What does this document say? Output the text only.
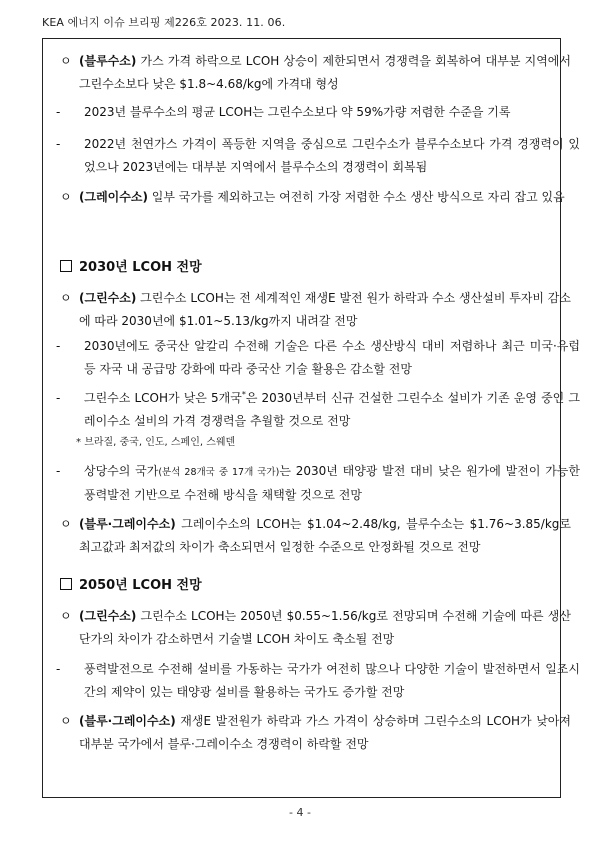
KEA 에너지 이슈 브리핑 제226호 2023. 11. 06.
ㅇ (블루수소) 가스 가격 하락으로 LCOH 상승이 제한되면서 경쟁력을 회복하여 대부분 지역에서 그린수소보다 낮은 $1.8~4.68/kg에 가격대 형성
- 2023년 블루수소의 평균 LCOH는 그린수소보다 약 59%가량 저렴한 수준을 기록
- 2022년 천연가스 가격이 폭등한 지역을 중심으로 그린수소가 블루수소보다 가격 경쟁력이 있었으나 2023년에는 대부분 지역에서 블루수소의 경쟁력이 회복됨
ㅇ (그레이수소) 일부 국가를 제외하고는 여전히 가장 저렴한 수소 생산 방식으로 자리 잡고 있음
2030년 LCOH 전망
ㅇ (그린수소) 그린수소 LCOH는 전 세계적인 재생E 발전 원가 하락과 수소 생산설비 투자비 감소에 따라 2030년에 $1.01~5.13/kg까지 내려갈 전망
- 2030년에도 중국산 알칼리 수전해 기술은 다른 수소 생산방식 대비 저렴하나 최근 미국·유럽 등 자국 내 공급망 강화에 따라 중국산 기술 활용은 감소할 전망
- 그린수소 LCOH가 낮은 5개국*은 2030년부터 신규 건설한 그린수소 설비가 기존 운영 중인 그레이수소 설비의 가격 경쟁력을 추월할 것으로 전망
* 브라질, 중국, 인도, 스페인, 스웨덴
- 상당수의 국가(분석 28개국 중 17개 국가)는 2030년 태양광 발전 대비 낮은 원가에 발전이 가능한 풍력발전 기반으로 수전해 방식을 채택할 것으로 전망
ㅇ (블루·그레이수소) 그레이수소의 LCOH는 $1.04~2.48/kg, 블루수소는 $1.76~3.85/kg로 최고값과 최저값의 차이가 축소되면서 일정한 수준으로 안정화될 것으로 전망
2050년 LCOH 전망
ㅇ (그린수소) 그린수소 LCOH는 2050년 $0.55~1.56/kg로 전망되며 수전해 기술에 따른 생산 단가의 차이가 감소하면서 기술별 LCOH 차이도 축소될 전망
- 풍력발전으로 수전해 설비를 가동하는 국가가 여전히 많으나 다양한 기술이 발전하면서 일조시간의 제약이 있는 태양광 설비를 활용하는 국가도 증가할 전망
ㅇ (블루·그레이수소) 재생E 발전원가 하락과 가스 가격이 상승하며 그린수소의 LCOH가 낮아져 대부분 국가에서 블루·그레이수소 경쟁력이 하락할 전망
- 4 -
